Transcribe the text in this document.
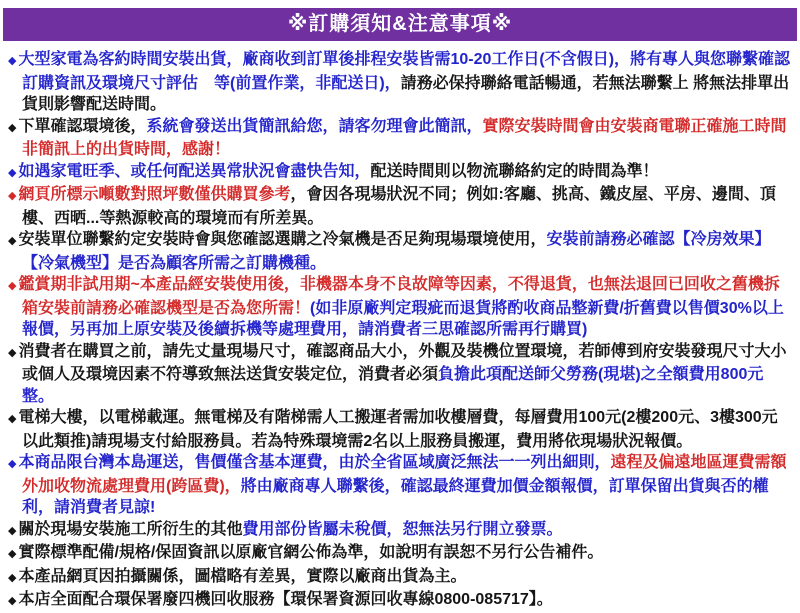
※訂購須知&注意事項※
◆ 大型家電為客約時間安裝出貨，廠商收到訂單後排程安裝皆需10-20工作日(不含假日)，將有專人與您聯繫確認訂購資訊及環境尺寸評估　等(前置作業，非配送日)，請務必保持聯絡電話暢通，若無法聯繫上 將無法排單出貨則影響配送時間。
◆ 下單確認環境後，系統會發送出貨簡訊給您，請客勿理會此簡訊，實際安裝時間會由安裝商電聯正確施工時間非簡訊上的出貨時間，感謝！
◆ 如遇家電旺季、或任何配送異常狀況會盡快告知，配送時間則以物流聯絡約定的時間為準！
◆ 網頁所標示噸數對照坪數僅供購買參考，會因各現場狀況不同；例如:客廳、挑高、鐵皮屋、平房、邊間、頂樓、西晒...等熱源較高的環境而有所差異。
◆ 安裝單位聯繫約定安裝時會與您確認選購之冷氣機是否足夠現場環境使用，安裝前請務必確認【冷房效果】【冷氣機型】是否為顧客所需之訂購機種。
◆ 鑑賞期非試用期~本產品經安裝使用後，非機器本身不良故障等因素，不得退貨，也無法退回已回收之舊機拆箱安裝前請務必確認機型是否為您所需！(如非原廠判定瑕疵而退貨將酌收商品整新費/折舊費以售價30%以上報價，另再加上原安裝及後續拆機等處理費用，請消費者三思確認所需再行購買)
◆ 消費者在購買之前，請先丈量現場尺寸，確認商品大小，外觀及裝機位置環境，若師傅到府安裝發現尺寸大小或個人及環境因素不符導致無法送貨安裝定位，消費者必須負擔此項配送師父勞務(現堪)之全額費用800元整。
◆ 電梯大樓，以電梯載運。無電梯及有階梯需人工搬運者需加收樓層費，每層費用100元(2樓200元、3樓300元以此類推)請現場支付給服務員。若為特殊環境需2名以上服務員搬運，費用將依現場狀況報價。
◆ 本商品限台灣本島運送，售價僅含基本運費，由於全省區域廣泛無法一一列出細則，遠程及偏遠地區運費需額外加收物流處理費用(跨區費)，將由廠商專人聯繫後，確認最終運費加價金額報價，訂單保留出貨與否的權利，請消費者見諒!
◆ 關於現場安裝施工所衍生的其他費用部份皆屬未稅價，恕無法另行開立發票。
◆ 實際標準配備/規格/保固資訊以原廠官網公佈為準，如說明有誤恕不另行公告補件。
◆ 本產品網頁因拍攝關係，圖檔略有差異，實際以廠商出貨為主。
◆ 本店全面配合環保署廢四機回收服務【環保署資源回收專線0800-085717】。
